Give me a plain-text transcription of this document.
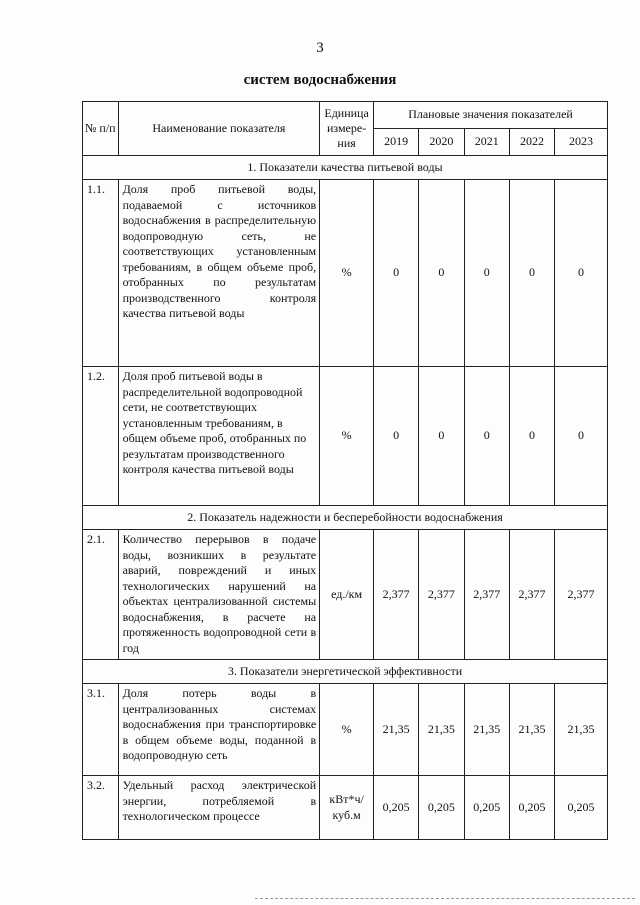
3
систем водоснабжения
№ п/п	Наименование показателя	Единица измере-ния	Плановые значения показателей				
			2019	2020	2021	2022	2023
1. Показатели качества питьевой воды							
1.1.	Доля проб питьевой воды, подаваемой с источников водоснабжения в распределительную водопроводную сеть, не соответствующих установленным требованиям, в общем объеме проб, отобранных по результатам производственного контроля качества питьевой воды	%	0	0	0	0	0
1.2.	Доля проб питьевой воды в распределительной водопроводной сети, не соответствующих установленным требованиям, в общем объеме проб, отобранных по результатам производственного контроля качества питьевой воды	%	0	0	0	0	0
2. Показатель надежности и бесперебойности водоснабжения							
2.1.	Количество перерывов в подаче воды, возникших в результате аварий, повреждений и иных технологических нарушений на объектах централизованной системы водоснабжения, в расчете на протяженность водопроводной сети в год	ед./км	2,377	2,377	2,377	2,377	2,377
3. Показатели энергетической эффективности							
3.1.	Доля потерь воды в централизованных системах водоснабжения при транспортировке в общем объеме воды, поданной в водопроводную сеть	%	21,35	21,35	21,35	21,35	21,35
3.2.	Удельный расход электрической энергии, потребляемой в технологическом процессе	кВт*ч/ куб.м	0,205	0,205	0,205	0,205	0,205
